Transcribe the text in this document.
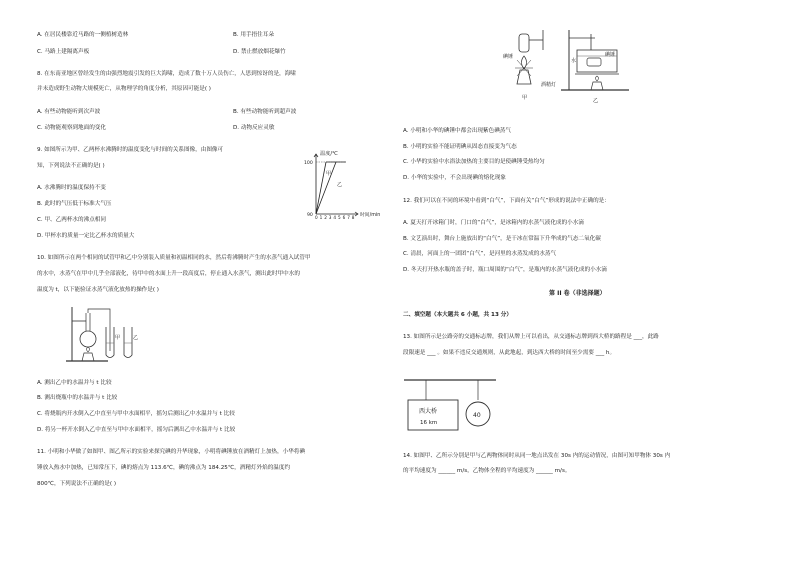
A. 在居民楼靠近马路的一侧植树造林	B. 用手捂住耳朵
C. 马路上建隔离声板	D. 禁止燃放烟花爆竹
8. 在东南亚地区曾经发生的由强烈地震引发的巨大海啸，造成了数十万人员伤亡，人思到惊讶的是，海啸
并未造成野生动物大规模死亡，从物理学的角度分析，其原因可能是( )
A. 有些动物能听到次声波	B. 有些动物能听到超声波
C. 动物能观察到地面的变化	D. 动物反应灵敏
9. 如图所示为甲、乙两杯水沸腾时的温度变化与时间的关系图像，由图像可
知，下列说法不正确的是( )
A. 水沸腾时的温度保持不变
B. 此时的气压低于标准大气压
C. 甲、乙两杯水的沸点相同
D. 甲杯水的质量一定比乙杯水的质量大
温度/℃
100
90
甲
乙
0 1 2 3 4 5 6 7 8 时间/min
10. 如图所示在两个相同的试管甲和乙中分别装入质量和初温相同的水，然后将沸腾时产生的水蒸气通入试管甲
的水中，水蒸气在甲中几乎全部液化，待甲中的水面上升一段高度后，停止通入水蒸气，测出此时甲中水的
温度为 t，以下能验证水蒸气液化放热的操作是( )
甲	乙
A. 测出乙中的水温并与 t 比较
B. 测出烧瓶中的水温并与 t 比较
C. 将烧瓶内开水倒入乙中直至与甲中水面相平，摇匀后测出乙中水温并与 t 比较
D. 将另一杯开水倒入乙中直至与甲中水面相平，摇匀后测出乙中水温并与 t 比较
11. 小明和小华做了如图甲、图乙所示的实验来探究碘的升华现象，小明将碘锤放在酒精灯上加热，小华将碘
锤放入热水中加热，已知常压下，碘的熔点为 113.6℃，碘的沸点为 184.25℃，酒精灯外焰的温度约
800℃，下列说法不正确的是( )
碘锤
水
碘锤
酒精灯
甲	乙
A. 小明和小华的碘锤中都会出现紫色碘蒸气
B. 小明的实验不能证明碘从固态直接变为气态
C. 小华的实验中水浴法加热的主要目的是使碘锤受热均匀
D. 小华的实验中，不会出现碘的熔化现象
12. 我们可以在不同的环境中看到“白气”，下面有关“白气”形成的说法中正确的是：
A. 夏天打开冰箱门时，门口的“白气”，是冰箱内的水蒸气液化成的小水滴
B. 文艺演出时，舞台上施放出的“白气”，是干冰在常温下升华成的气态二氧化碳
C. 清晨，河面上的一团团“白气”，是河里的水蒸发成的水蒸气
D. 冬天打开热水瓶的盖子时，瓶口周围的“白气”，是瓶内的水蒸气液化成的小水滴
第 II 卷（非选择题）
二、填空题（本大题共 6 小题，共 13 分）
13. 如图所示是公路旁的交通标志牌，我们从牌上可以看出，从交通标志牌到西大桥的路程是 ___，此路
段限速是 ___ 。如果不违反交通规则，从此地起，到达西大桥的时间至少需要 ___ h。
西大桥
16 km
40
14. 如图甲、乙所示分别是甲与乙两物体同时从同一地点出发在 30s 内的运动情况，由图可知甲物体 30s 内
的平均速度为 ______ m/s，乙物体全程的平均速度为 ______ m/s。
